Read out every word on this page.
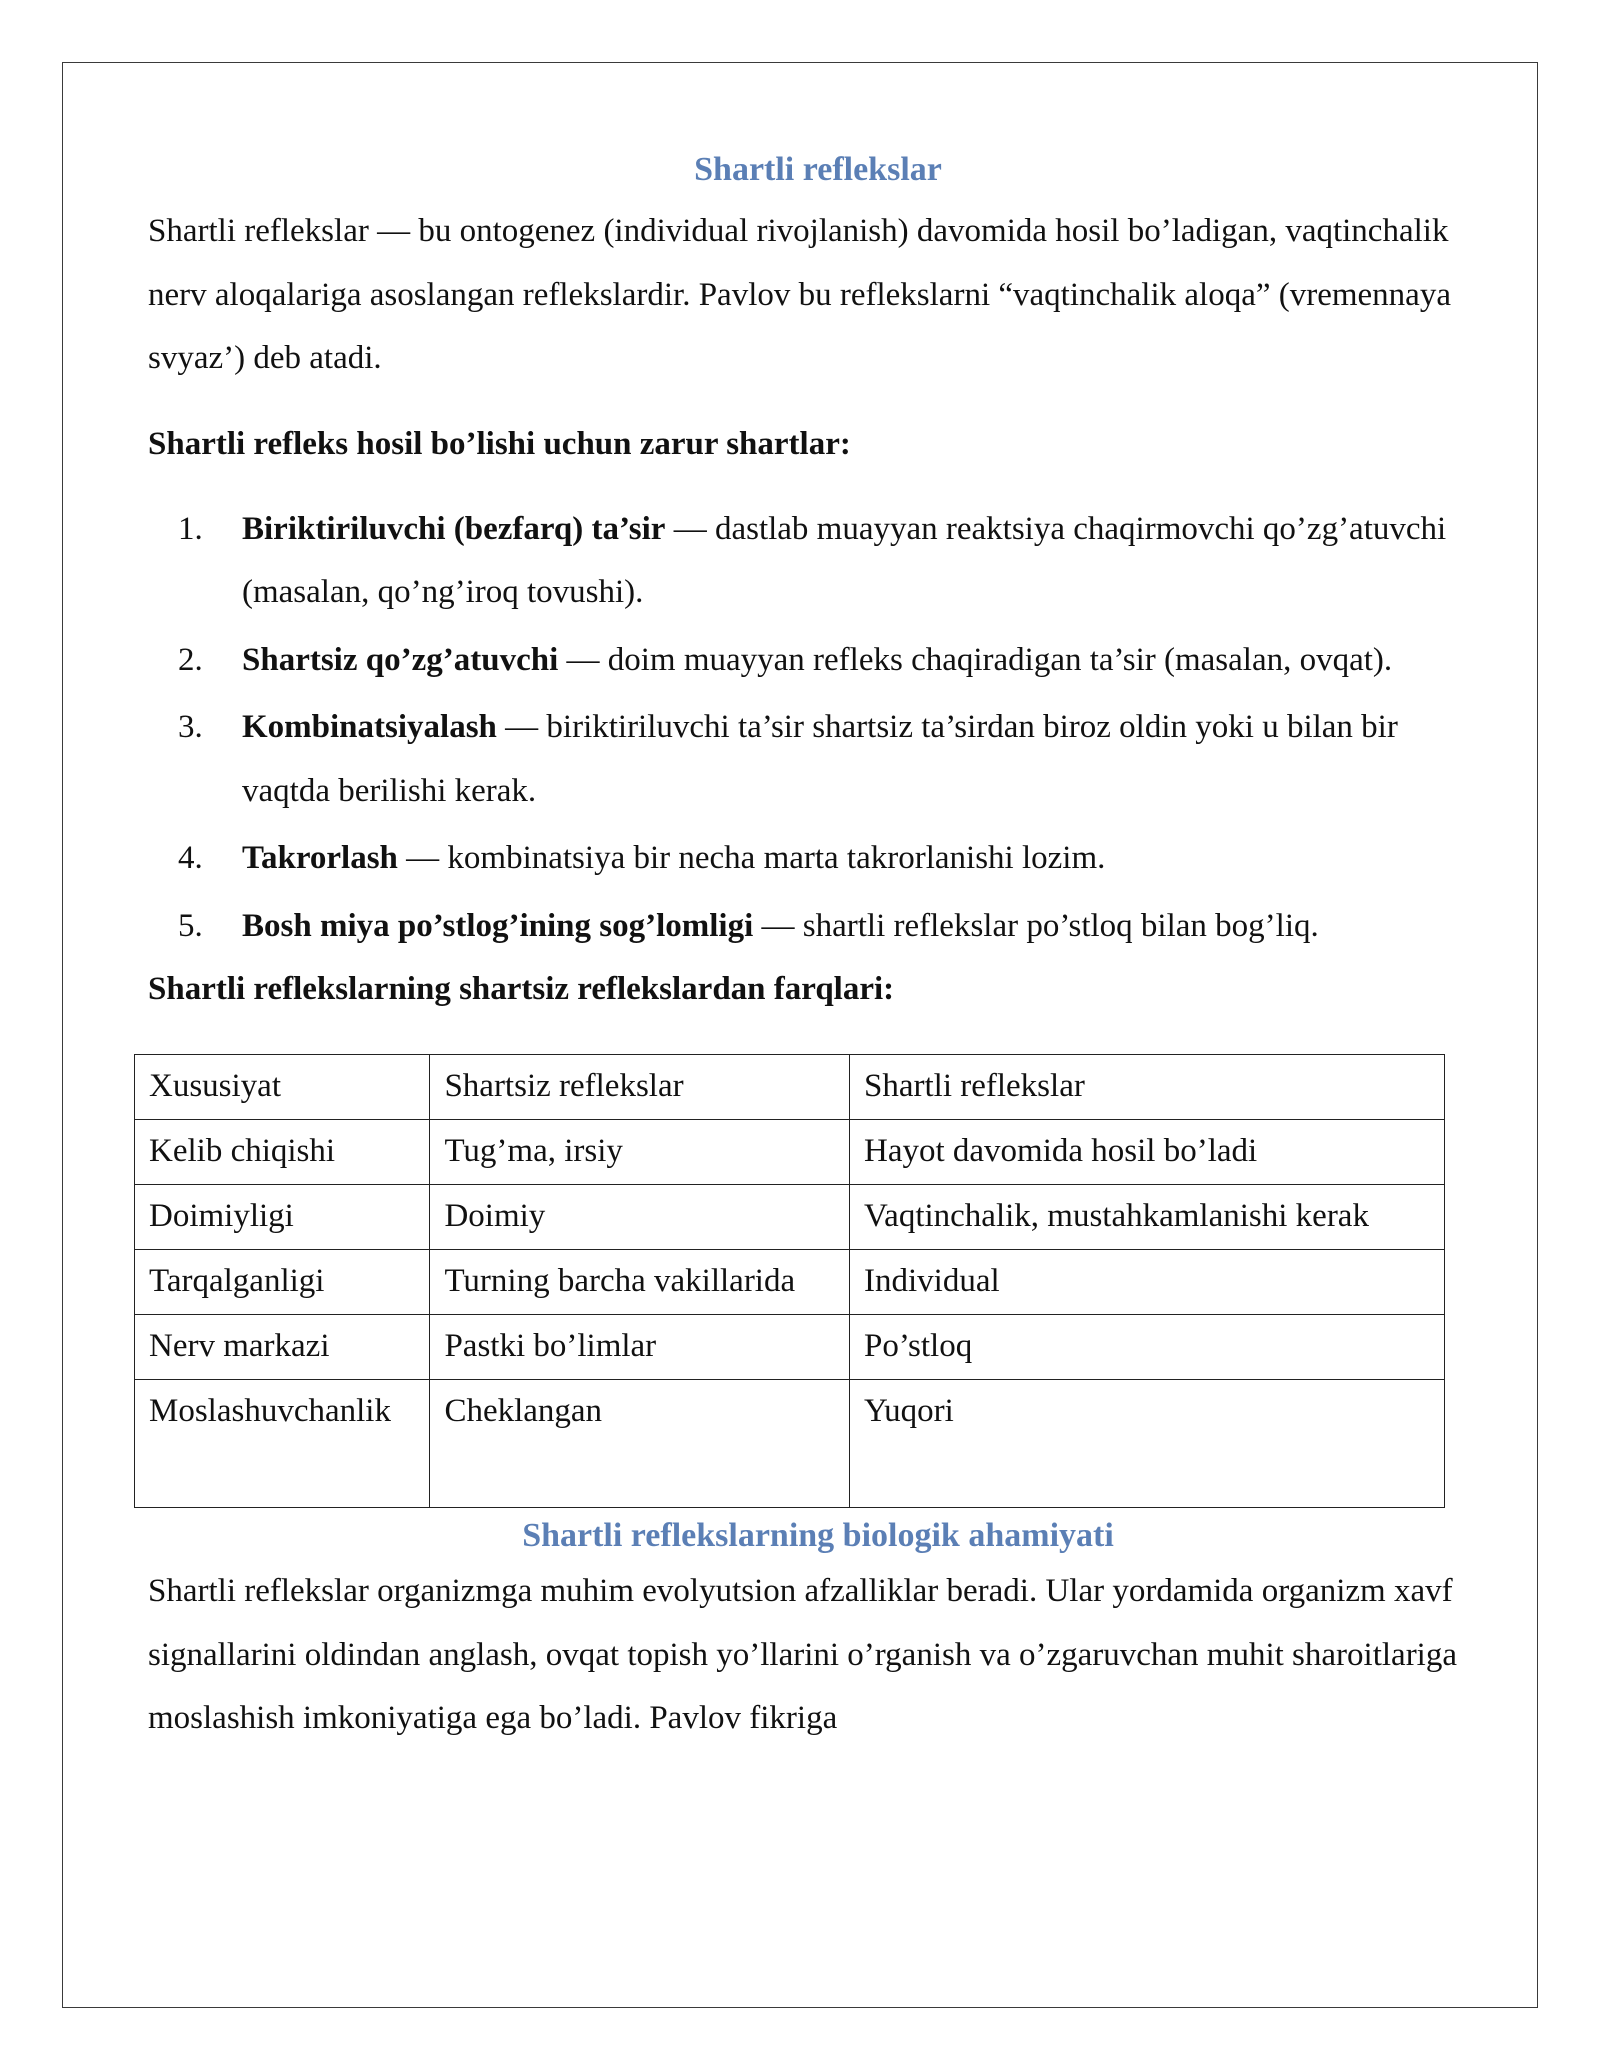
Shartli reflekslar

Shartli reflekslar — bu ontogenez (individual rivojlanish) davomida hosil bo’ladigan, vaqtinchalik nerv aloqalariga asoslangan reflekslardir. Pavlov bu reflekslarni “vaqtinchalik aloqa” (vremennaya svyaz’) deb atadi.

Shartli refleks hosil bo’lishi uchun zarur shartlar:
1. Biriktiriluvchi (bezfarq) ta’sir — dastlab muayyan reaktsiya chaqirmovchi qo’zg’atuvchi (masalan, qo’ng’iroq tovushi).
2. Shartsiz qo’zg’atuvchi — doim muayyan refleks chaqiradigan ta’sir (masalan, ovqat).
3. Kombinatsiyalash — biriktiriluvchi ta’sir shartsiz ta’sirdan biroz oldin yoki u bilan bir vaqtda berilishi kerak.
4. Takrorlash — kombinatsiya bir necha marta takrorlanishi lozim.
5. Bosh miya po’stlog’ining sog’lomligi — shartli reflekslar po’stloq bilan bog’liq.
Shartli reflekslarning shartsiz reflekslardan farqlari:
Xususiyat	Shartsiz reflekslar	Shartli reflekslar
Kelib chiqishi	Tug’ma, irsiy	Hayot davomida hosil bo’ladi
Doimiyligi	Doimiy	Vaqtinchalik, mustahkamlanishi kerak
Tarqalganligi	Turning barcha vakillarida	Individual
Nerv markazi	Pastki bo’limlar	Po’stloq
Moslashuvchanlik	Cheklangan	Yuqori
Shartli reflekslarning biologik ahamiyati

Shartli reflekslar organizmga muhim evolyutsion afzalliklar beradi. Ular yordamida organizm xavf signallarini oldindan anglash, ovqat topish yo’llarini o’rganish va o’zgaruvchan muhit sharoitlariga moslashish imkoniyatiga ega bo’ladi. Pavlov fikriga
